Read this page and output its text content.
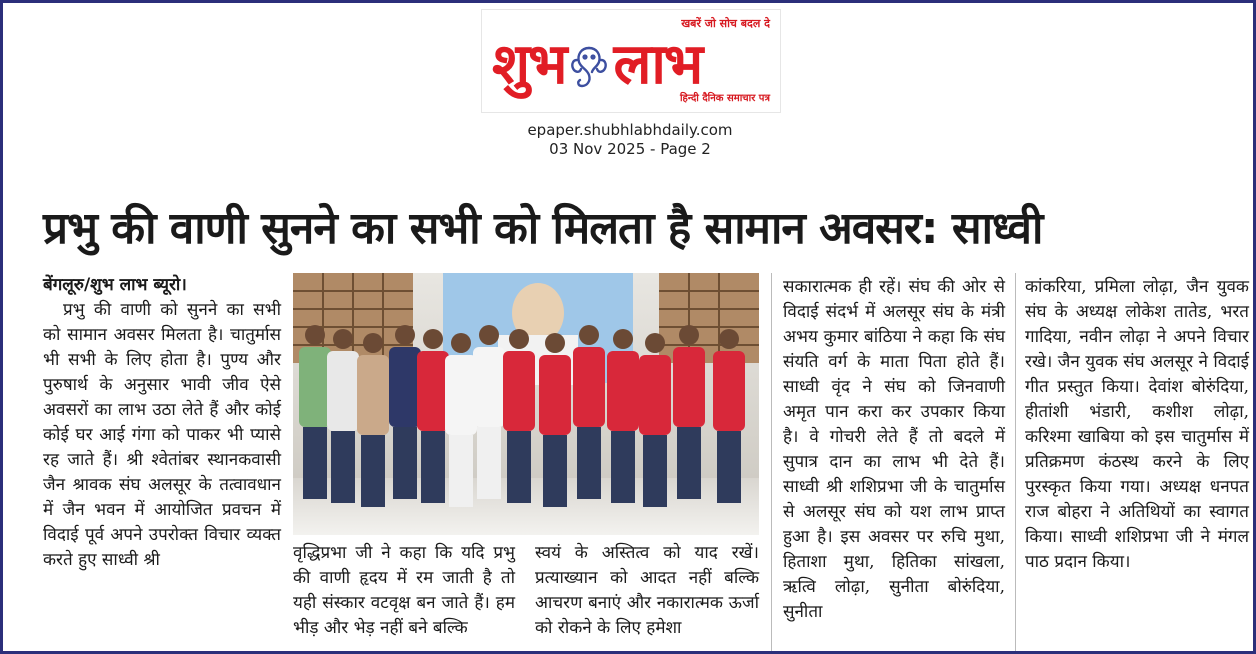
खबरें जो सोच बदल दे
शुभ लाभ
हिन्दी दैनिक समाचार पत्र
epaper.shubhlabhdaily.com
03 Nov 2025 - Page 2
प्रभु की वाणी सुनने का सभी को मिलता है सामान अवसर: साध्वी
बेंगलूरु/शुभ लाभ ब्यूरो।

प्रभु की वाणी को सुनने का सभी को सामान अवसर मिलता है। चातुर्मास भी सभी के लिए होता है। पुण्य और पुरुषार्थ के अनुसार भावी जीव ऐसे अवसरों का लाभ उठा लेते हैं और कोई कोई घर आई गंगा को पाकर भी प्यासे रह जाते हैं। श्री श्वेतांबर स्थानकवासी जैन श्रावक संघ अलसूर के तत्वावधान में जैन भवन में आयोजित प्रवचन में विदाई पूर्व अपने उपरोक्त विचार व्यक्त करते हुए साध्वी श्री	वृद्धिप्रभा जी ने कहा कि यदि प्रभु की वाणी हृदय में रम जाती है तो यही संस्कार वटवृक्ष बन जाते हैं। हम भीड़ और भेड़ नहीं बने बल्कि

स्वयं के अस्तित्व को याद रखें। प्रत्याख्यान को आदत नहीं बल्कि आचरण बनाएं और नकारात्मक ऊर्जा को रोकने के लिए हमेशा

सकारात्मक ही रहें। संघ की ओर से विदाई संदर्भ में अलसूर संघ के मंत्री अभय कुमार बांठिया ने कहा कि संघ संयति वर्ग के माता पिता होते हैं। साध्वी वृंद ने संघ को जिनवाणी अमृत पान करा कर उपकार किया है। वे गोचरी लेते हैं तो बदले में सुपात्र दान का लाभ भी देते हैं। साध्वी श्री शशिप्रभा जी के चातुर्मास से अलसूर संघ को यश लाभ प्राप्त हुआ है। इस अवसर पर रुचि मुथा, हिताशा मुथा, हितिका सांखला, ऋत्वि लोढ़ा, सुनीता बोरुंदिया, सुनीता

कांकरिया, प्रमिला लोढ़ा, जैन युवक संघ के अध्यक्ष लोकेश तातेड, भरत गादिया, नवीन लोढ़ा ने अपने विचार रखे। जैन युवक संघ अलसूर ने विदाई गीत प्रस्तुत किया। देवांश बोरुंदिया, हीतांशी भंडारी, कशीश लोढ़ा, करिश्मा खाबिया को इस चातुर्मास में प्रतिक्रमण कंठस्थ करने के लिए पुरस्कृत किया गया। अध्यक्ष धनपत राज बोहरा ने अतिथियों का स्वागत किया। साध्वी शशिप्रभा जी ने मंगल पाठ प्रदान किया।
